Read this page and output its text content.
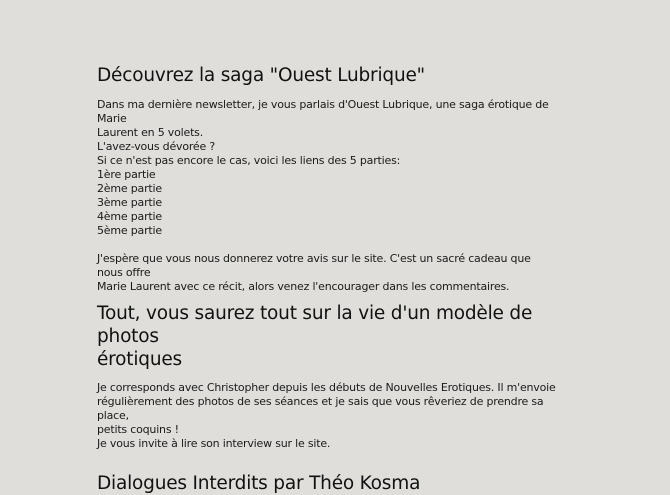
Découvrez la saga "Ouest Lubrique"
Dans ma dernière newsletter, je vous parlais d'Ouest Lubrique, une saga érotique de Marie
Laurent en 5 volets.
L'avez-vous dévorée ?
Si ce n'est pas encore le cas, voici les liens des 5 parties:
1ère partie
2ème partie
3ème partie
4ème partie
5ème partie
J'espère que vous nous donnerez votre avis sur le site. C'est un sacré cadeau que nous offre
Marie Laurent avec ce récit, alors venez l'encourager dans les commentaires.
Tout, vous saurez tout sur la vie d'un modèle de photos
érotiques
Je corresponds avec Christopher depuis les débuts de Nouvelles Erotiques. Il m'envoie
régulièrement des photos de ses séances et je sais que vous rêveriez de prendre sa place,
petits coquins !
Je vous invite à lire son interview sur le site.
Dialogues Interdits par Théo Kosma
